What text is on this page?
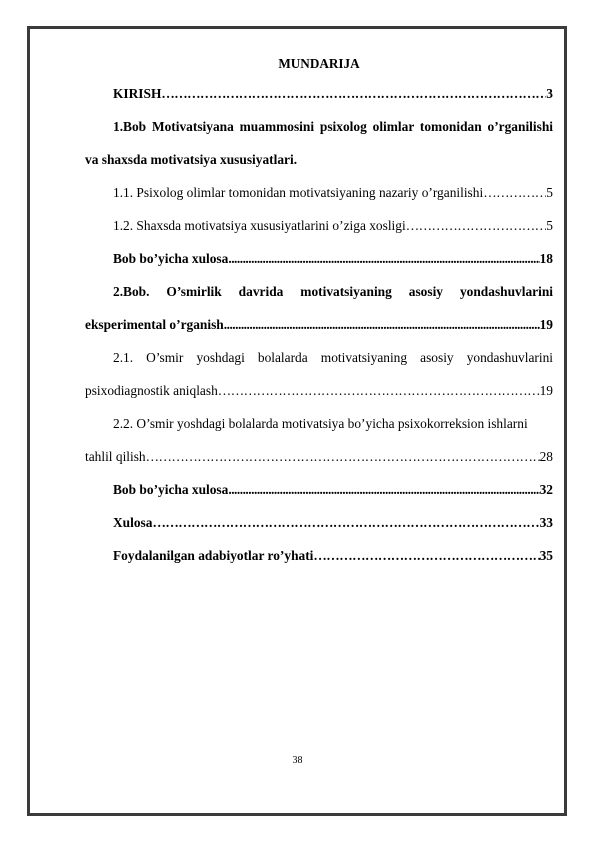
MUNDARIJA
KIRISH ……………………………………………………………………………………………………………………………………………………	3
1.Bob Motivatsiyana muammosini psixolog olimlar tomonidan o’rganilishi
va shaxsda motivatsiya xususiyatlari.
1.1. Psixolog olimlar tomonidan motivatsiyaning nazariy o’rganilishi ……………………………………………………………………………………………………………………………………………………	5
1.2. Shaxsda motivatsiya xususiyatlarini o’ziga xosligi ……………………………………………………………………………………………………………………………………………………	5
Bob bo’yicha xulosa .....	18
2.Bob. O’smirlik davrida motivatsiyaning asosiy yondashuvlarini
eksperimental o’rganish .....	19
2.1. O’smir yoshdagi bolalarda motivatsiyaning asosiy yondashuvlarini
psixodiagnostik aniqlash ……………………………………………………………………………………………………………………………………………………	19
2.2. O’smir yoshdagi bolalarda motivatsiya bo’yicha psixokorreksion ishlarni
tahlil qilish ……………………………………………………………………………………………………………………………………………………	28
Bob bo’yicha xulosa .....	32
Xulosa ……………………………………………………………………………………………………………………………………………………	33
Foydalanilgan adabiyotlar ro’yhati ……………………………………………………………………………………………………………………………………………………	35
38
